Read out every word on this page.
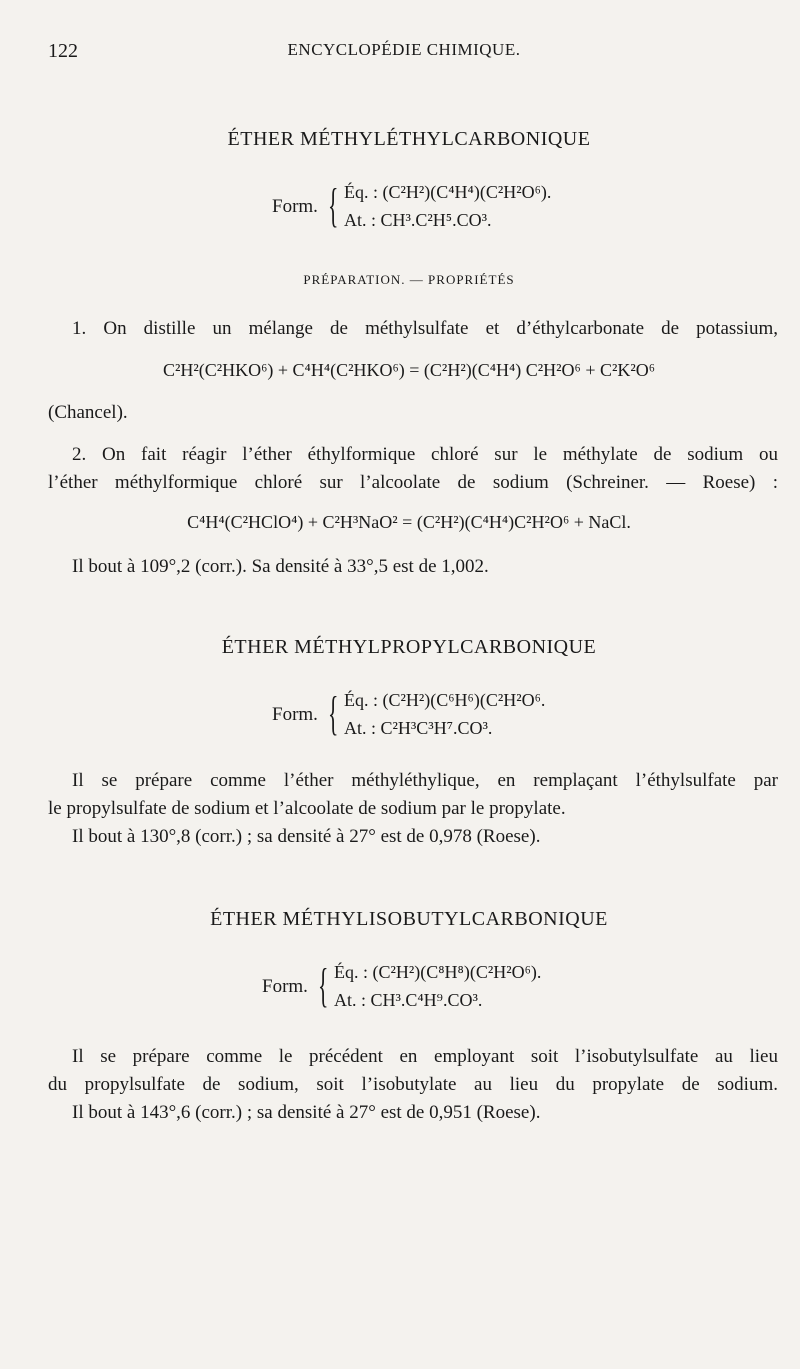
122	ENCYCLOPÉDIE CHIMIQUE.
ÉTHER MÉTHYLÉTHYLCARBONIQUE
Form. { Éq. : (C²H²)(C⁴H⁴)(C²H²O⁶).
At. : CH³.C²H⁵.CO³.
PRÉPARATION. — PROPRIÉTÉS
1. On distille un mélange de méthylsulfate et d’éthylcarbonate de potassium,
C²H²(C²HKO⁶) + C⁴H⁴(C²HKO⁶) = (C²H²)(C⁴H⁴) C²H²O⁶ + C²K²O⁶
(Chancel).
2. On fait réagir l’éther éthylformique chloré sur le méthylate de sodium ou
l’éther méthylformique chloré sur l’alcoolate de sodium (Schreiner. — Roese) :
C⁴H⁴(C²HClO⁴) + C²H³NaO² = (C²H²)(C⁴H⁴)C²H²O⁶ + NaCl.
Il bout à 109°,2 (corr.). Sa densité à 33°,5 est de 1,002.
ÉTHER MÉTHYLPROPYLCARBONIQUE
Form. { Éq. : (C²H²)(C⁶H⁶)(C²H²O⁶.
At. : C²H³C³H⁷.CO³.
Il se prépare comme l’éther méthyléthylique, en remplaçant l’éthylsulfate par
le propylsulfate de sodium et l’alcoolate de sodium par le propylate.
Il bout à 130°,8 (corr.) ; sa densité à 27° est de 0,978 (Roese).
ÉTHER MÉTHYLISOBUTYLCARBONIQUE
Form. { Éq. : (C²H²)(C⁸H⁸)(C²H²O⁶).
At. : CH³.C⁴H⁹.CO³.
Il se prépare comme le précédent en employant soit l’isobutylsulfate au lieu
du propylsulfate de sodium, soit l’isobutylate au lieu du propylate de sodium.
Il bout à 143°,6 (corr.) ; sa densité à 27° est de 0,951 (Roese).
